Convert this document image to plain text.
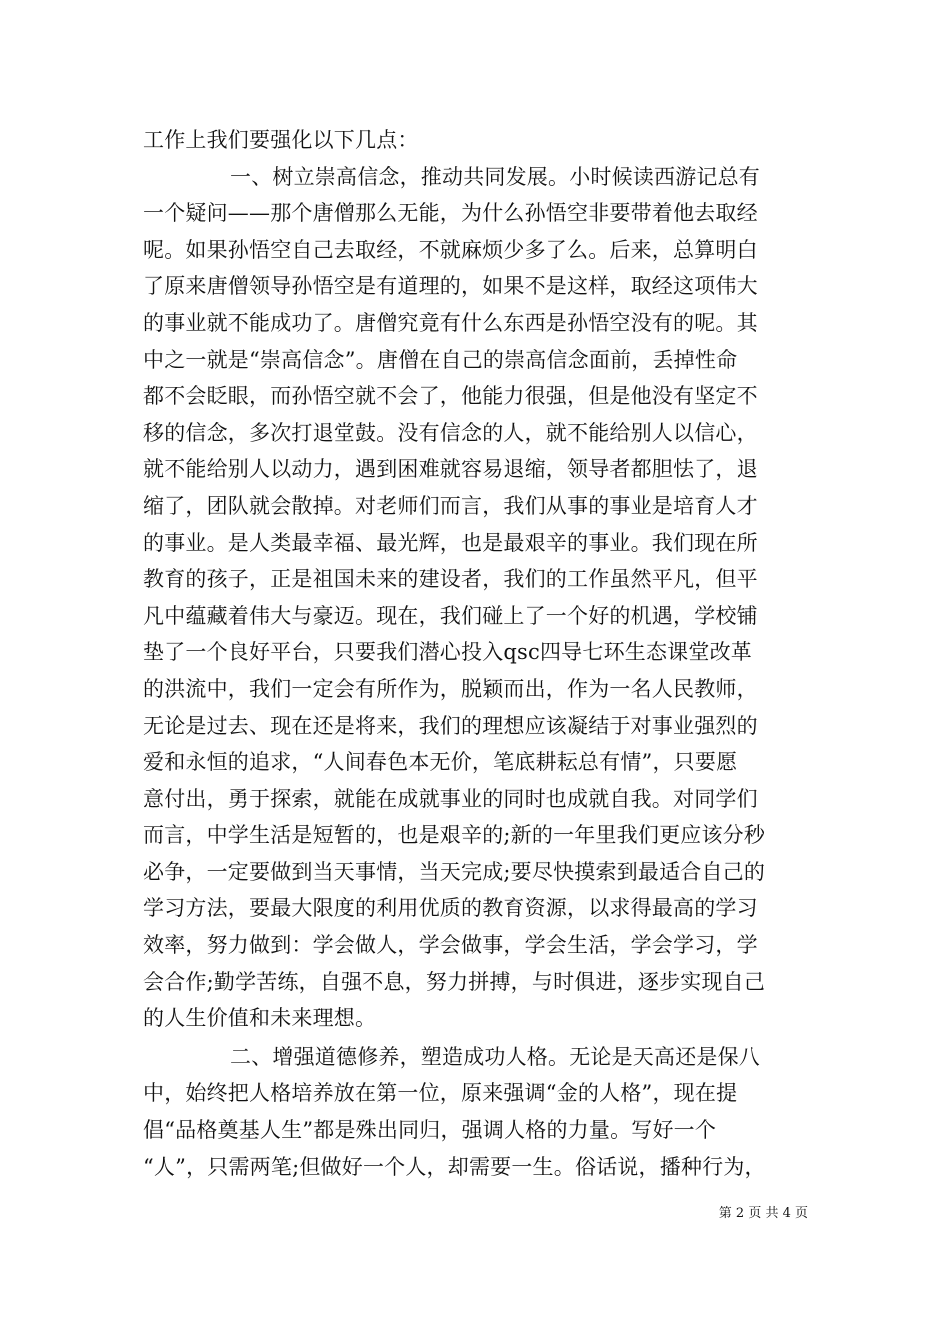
工作上我们要强化以下几点：
一、树立崇高信念，推动共同发展。小时候读西游记总有
一个疑问——那个唐僧那么无能，为什么孙悟空非要带着他去取经
呢。如果孙悟空自己去取经，不就麻烦少多了么。后来，总算明白
了原来唐僧领导孙悟空是有道理的，如果不是这样，取经这项伟大
的事业就不能成功了。唐僧究竟有什么东西是孙悟空没有的呢。其
中之一就是“崇高信念”。唐僧在自己的崇高信念面前，丢掉性命
都不会眨眼，而孙悟空就不会了，他能力很强，但是他没有坚定不
移的信念，多次打退堂鼓。没有信念的人，就不能给别人以信心，
就不能给别人以动力，遇到困难就容易退缩，领导者都胆怯了，退
缩了，团队就会散掉。对老师们而言，我们从事的事业是培育人才
的事业。是人类最幸福、最光辉，也是最艰辛的事业。我们现在所
教育的孩子，正是祖国未来的建设者，我们的工作虽然平凡，但平
凡中蕴藏着伟大与豪迈。现在，我们碰上了一个好的机遇，学校铺
垫了一个良好平台，只要我们潜心投入qsc四导七环生态课堂改革
的洪流中，我们一定会有所作为，脱颖而出，作为一名人民教师，
无论是过去、现在还是将来，我们的理想应该凝结于对事业强烈的
爱和永恒的追求，“人间春色本无价，笔底耕耘总有情”，只要愿
意付出，勇于探索，就能在成就事业的同时也成就自我。对同学们
而言，中学生活是短暂的，也是艰辛的;新的一年里我们更应该分秒
必争，一定要做到当天事情，当天完成;要尽快摸索到最适合自己的
学习方法，要最大限度的利用优质的教育资源，以求得最高的学习
效率，努力做到：学会做人，学会做事，学会生活，学会学习，学
会合作;勤学苦练，自强不息，努力拼搏，与时俱进，逐步实现自己
的人生价值和未来理想。
二、增强道德修养，塑造成功人格。无论是天高还是保八
中，始终把人格培养放在第一位，原来强调“金的人格”，现在提
倡“品格奠基人生”都是殊出同归，强调人格的力量。写好一个
“人”，只需两笔;但做好一个人，却需要一生。俗话说，播种行为，
第 2 页 共 4 页
